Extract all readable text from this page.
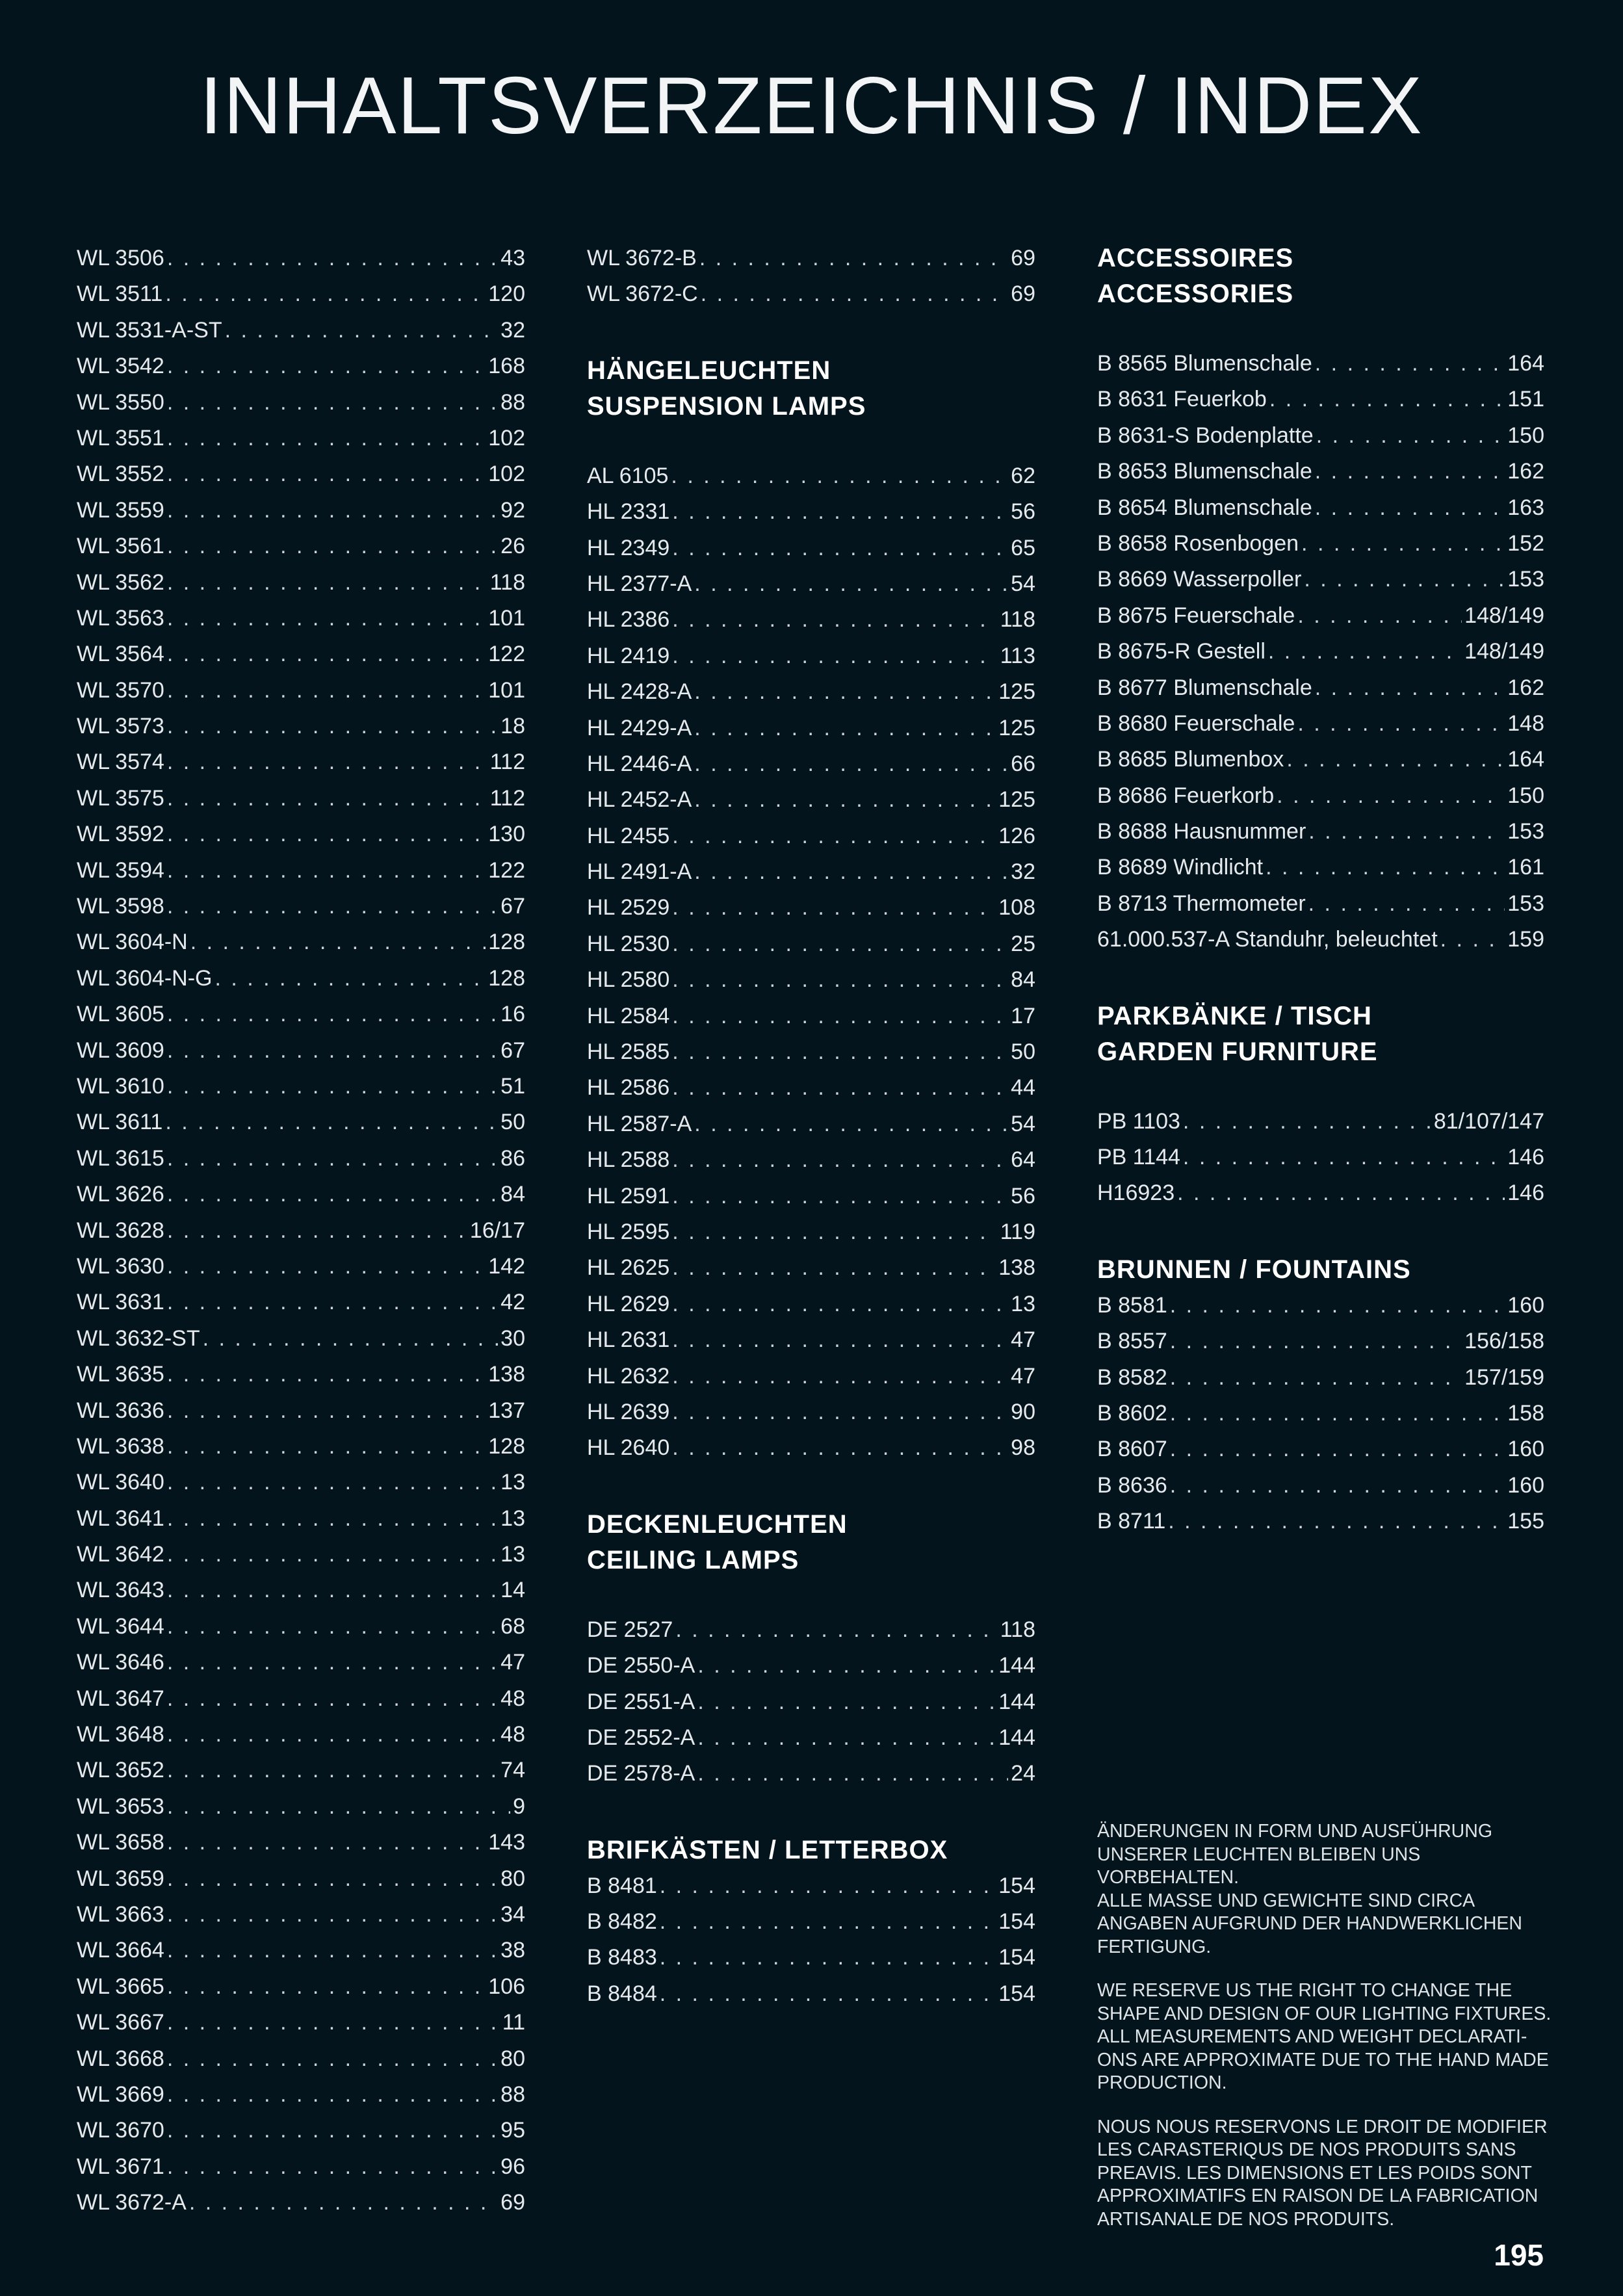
INHALTSVERZEICHNIS / INDEX
WL 3506 . . .	43
WL 3511 . . .	120
WL 3531-A-ST . . .	32
WL 3542 . . .	168
WL 3550 . . .	88
WL 3551 . . .	102
WL 3552 . . .	102
WL 3559 . . .	92
WL 3561 . . .	26
WL 3562 . . .	118
WL 3563 . . .	101
WL 3564 . . .	122
WL 3570 . . .	101
WL 3573 . . .	18
WL 3574 . . .	112
WL 3575 . . .	112
WL 3592 . . .	130
WL 3594 . . .	122
WL 3598 . . .	67
WL 3604-N . . .	128
WL 3604-N-G . . .	128
WL 3605 . . .	16
WL 3609 . . .	67
WL 3610 . . .	51
WL 3611 . . .	50
WL 3615 . . .	86
WL 3626 . . .	84
WL 3628 . . .	16/17
WL 3630 . . .	142
WL 3631 . . .	42
WL 3632-ST . . .	30
WL 3635 . . .	138
WL 3636 . . .	137
WL 3638 . . .	128
WL 3640 . . .	13
WL 3641 . . .	13
WL 3642 . . .	13
WL 3643 . . .	14
WL 3644 . . .	68
WL 3646 . . .	47
WL 3647 . . .	48
WL 3648 . . .	48
WL 3652 . . .	74
WL 3653 . . .	9
WL 3658 . . .	143
WL 3659 . . .	80
WL 3663 . . .	34
WL 3664 . . .	38
WL 3665 . . .	106
WL 3667 . . .	11
WL 3668 . . .	80
WL 3669 . . .	88
WL 3670 . . .	95
WL 3671 . . .	96
WL 3672-A . . .	69
WL 3672-B . . .	69
WL 3672-C . . .	69
HÄNGELEUCHTEN
SUSPENSION LAMPS
AL 6105 . . .	62
HL 2331 . . .	56
HL 2349 . . .	65
HL 2377-A . . .	54
HL 2386 . . .	118
HL 2419 . . .	113
HL 2428-A . . .	125
HL 2429-A . . .	125
HL 2446-A . . .	66
HL 2452-A . . .	125
HL 2455 . . .	126
HL 2491-A . . .	32
HL 2529 . . .	108
HL 2530 . . .	25
HL 2580 . . .	84
HL 2584 . . .	17
HL 2585 . . .	50
HL 2586 . . .	44
HL 2587-A . . .	54
HL 2588 . . .	64
HL 2591 . . .	56
HL 2595 . . .	119
HL 2625 . . .	138
HL 2629 . . .	13
HL 2631 . . .	47
HL 2632 . . .	47
HL 2639 . . .	90
HL 2640 . . .	98
DECKENLEUCHTEN
CEILING LAMPS
DE 2527 . . .	118
DE 2550-A . . .	144
DE 2551-A . . .	144
DE 2552-A . . .	144
DE 2578-A . . .	24
BRIFKÄSTEN / LETTERBOX
B 8481 . . .	154
B 8482 . . .	154
B 8483 . . .	154
B 8484 . . .	154
ACCESSOIRES
ACCESSORIES
B 8565 Blumenschale . . .	164
B 8631 Feuerkob . . .	151
B 8631-S Bodenplatte . . .	150
B 8653 Blumenschale . . .	162
B 8654 Blumenschale . . .	163
B 8658 Rosenbogen . . .	152
B 8669 Wasserpoller . . .	153
B 8675 Feuerschale . . .	148/149
B 8675-R Gestell . . .	148/149
B 8677 Blumenschale . . .	162
B 8680 Feuerschale . . .	148
B 8685 Blumenbox . . .	164
B 8686 Feuerkorb . . .	150
B 8688 Hausnummer . . .	153
B 8689 Windlicht . . .	161
B 8713 Thermometer . . .	153
61.000.537-A Standuhr, beleuchtet . . .	159
PARKBÄNKE / TISCH
GARDEN FURNITURE
PB 1103 . . .	81/107/147
PB 1144 . . .	146
H16923 . . .	146
BRUNNEN / FOUNTAINS
B 8581 . . .	160
B 8557 . . .	156/158
B 8582 . . .	157/159
B 8602 . . .	158
B 8607 . . .	160
B 8636 . . .	160
B 8711 . . .	155

ÄNDERUNGEN IN FORM UND AUSFÜHRUNG
UNSERER LEUCHTEN BLEIBEN UNS VORBEHALTEN.
ALLE MASSE UND GEWICHTE SIND CIRCA
ANGABEN AUFGRUND DER HANDWERKLICHEN
FERTIGUNG.

WE RESERVE US THE RIGHT TO CHANGE THE
SHAPE AND DESIGN OF OUR LIGHTING FIXTURES.
ALL MEASUREMENTS AND WEIGHT DECLARATI-
ONS ARE APPROXIMATE DUE TO THE HAND MADE
PRODUCTION.

NOUS NOUS RESERVONS LE DROIT DE MODIFIER
LES CARASTERIQUS DE NOS PRODUITS SANS
PREAVIS. LES DIMENSIONS ET LES POIDS SONT
APPROXIMATIFS EN RAISON DE LA FABRICATION
ARTISANALE DE NOS PRODUITS.

195
